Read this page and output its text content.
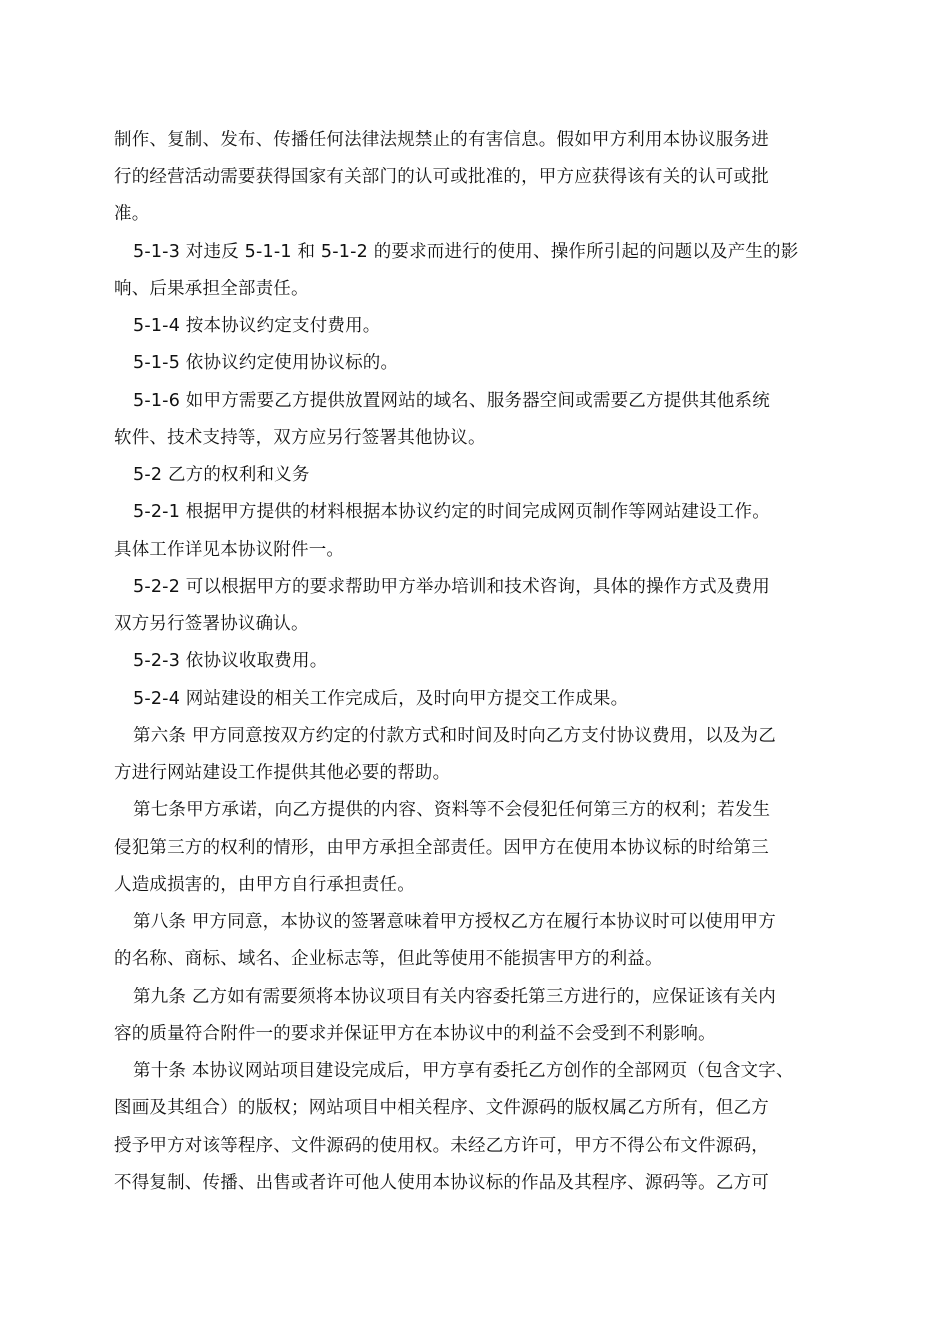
制作、复制、发布、传播任何法律法规禁止的有害信息。假如甲方利用本协议服务进
行的经营活动需要获得国家有关部门的认可或批准的，甲方应获得该有关的认可或批
准。
5-1-3 对违反 5-1-1 和 5-1-2 的要求而进行的使用、操作所引起的问题以及产生的影
响、后果承担全部责任。
5-1-4 按本协议约定支付费用。
5-1-5 依协议约定使用协议标的。
5-1-6 如甲方需要乙方提供放置网站的域名、服务器空间或需要乙方提供其他系统
软件、技术支持等，双方应另行签署其他协议。
5-2 乙方的权利和义务
5-2-1 根据甲方提供的材料根据本协议约定的时间完成网页制作等网站建设工作。
具体工作详见本协议附件一。
5-2-2 可以根据甲方的要求帮助甲方举办培训和技术咨询，具体的操作方式及费用
双方另行签署协议确认。
5-2-3 依协议收取费用。
5-2-4 网站建设的相关工作完成后，及时向甲方提交工作成果。
第六条 甲方同意按双方约定的付款方式和时间及时向乙方支付协议费用，以及为乙
方进行网站建设工作提供其他必要的帮助。
第七条甲方承诺，向乙方提供的内容、资料等不会侵犯任何第三方的权利；若发生
侵犯第三方的权利的情形，由甲方承担全部责任。因甲方在使用本协议标的时给第三
人造成损害的，由甲方自行承担责任。
第八条 甲方同意，本协议的签署意味着甲方授权乙方在履行本协议时可以使用甲方
的名称、商标、域名、企业标志等，但此等使用不能损害甲方的利益。
第九条 乙方如有需要须将本协议项目有关内容委托第三方进行的，应保证该有关内
容的质量符合附件一的要求并保证甲方在本协议中的利益不会受到不利影响。
第十条 本协议网站项目建设完成后，甲方享有委托乙方创作的全部网页（包含文字、
图画及其组合）的版权；网站项目中相关程序、文件源码的版权属乙方所有，但乙方
授予甲方对该等程序、文件源码的使用权。未经乙方许可，甲方不得公布文件源码，
不得复制、传播、出售或者许可他人使用本协议标的作品及其程序、源码等。乙方可
